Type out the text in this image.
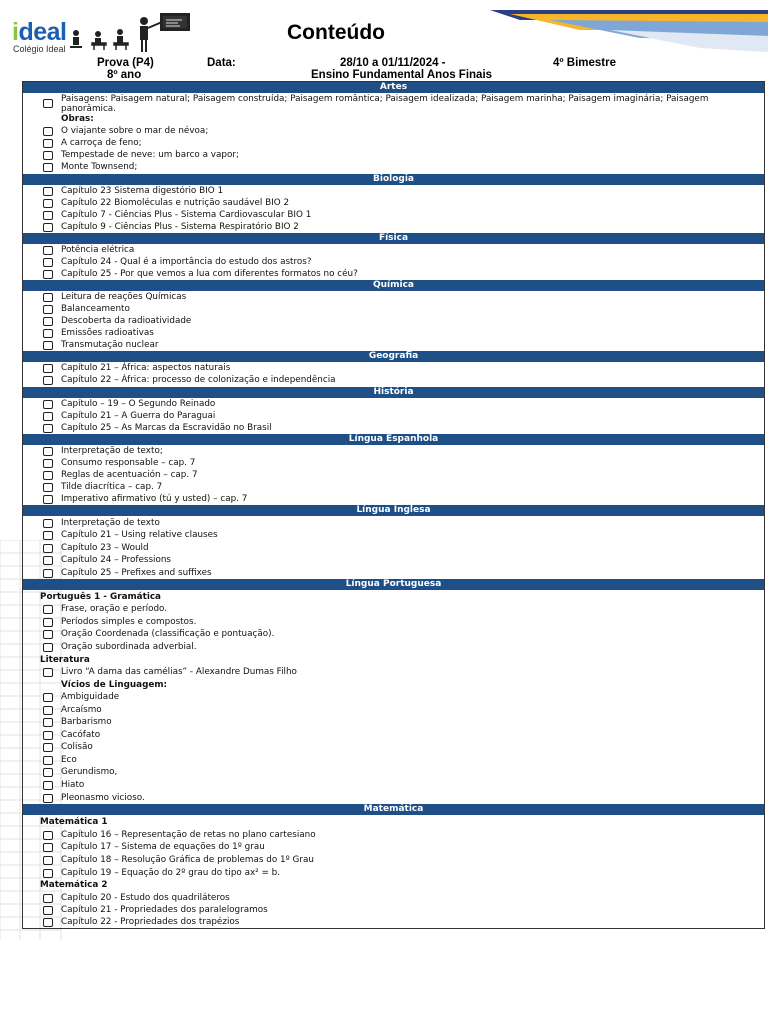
ideal
Colégio Ideal
Conteúdo
Prova (P4)	Data:	28/10 a 01/11/2024 -	4º Bimestre
8º ano	Ensino Fundamental Anos Finais
Artes
Paisagens: Paisagem natural; Paisagem construída; Paisagem romântica; Paisagem idealizada; Paisagem marinha; Paisagem imaginária; Paisagem panorâmica.
Obras:
O viajante sobre o mar de névoa;
A carroça de feno;
Tempestade de neve: um barco a vapor;
Monte Townsend;
Biologia
Capítulo 23 Sistema digestório BIO 1
Capítulo 22 Biomoléculas e nutrição saudável BIO 2
Capítulo 7 - Ciências Plus - Sistema Cardiovascular BIO 1
Capítulo 9 - Ciências Plus - Sistema Respiratório BIO 2
Física
Potência elétrica
Capítulo 24 - Qual é a importância do estudo dos astros?
Capítulo 25 - Por que vemos a lua com diferentes formatos no céu?
Química
Leitura de reações Químicas
Balanceamento
Descoberta da radioatividade
Emissões radioativas
Transmutação nuclear
Geografia
Capítulo 21 – África: aspectos naturais
Capítulo 22 – África: processo de colonização e independência
História
Capítulo – 19 – O Segundo Reinado
Capítulo 21 – A Guerra do Paraguai
Capítulo 25 – As Marcas da Escravidão no Brasil
Língua Espanhola
Interpretação de texto;
Consumo responsable – cap. 7
Reglas de acentuación – cap. 7
Tilde diacrítica – cap. 7
Imperativo afirmativo (tú y usted) – cap. 7
Língua Inglesa
Interpretação de texto
Capítulo 21 – Using relative clauses
Capítulo 23 – Would
Capítulo 24 – Professions
Capítulo 25 – Prefixes and suffixes
Língua Portuguesa
Português 1 - Gramática
Frase, oração e período.
Períodos simples e compostos.
Oração Coordenada (classificação e pontuação).
Oração subordinada adverbial.
Literatura
Livro “A dama das camélias” - Alexandre Dumas Filho
Vícios de Linguagem:
Ambiguidade
Arcaísmo
Barbarismo
Cacófato
Colisão
Eco
Gerundismo,
Hiato
Pleonasmo vicioso.
Matemática
Matemática 1
Capítulo 16 – Representação de retas no plano cartesiano
Capítulo 17 – Sistema de equações do 1º grau
Capítulo 18 – Resolução Gráfica de problemas do 1º Grau
Capítulo 19 – Equação do 2º grau do tipo ax² = b.
Matemática 2
Capítulo 20 - Estudo dos quadriláteros
Capítulo 21 - Propriedades dos paralelogramos
Capítulo 22 - Propriedades dos trapézios
